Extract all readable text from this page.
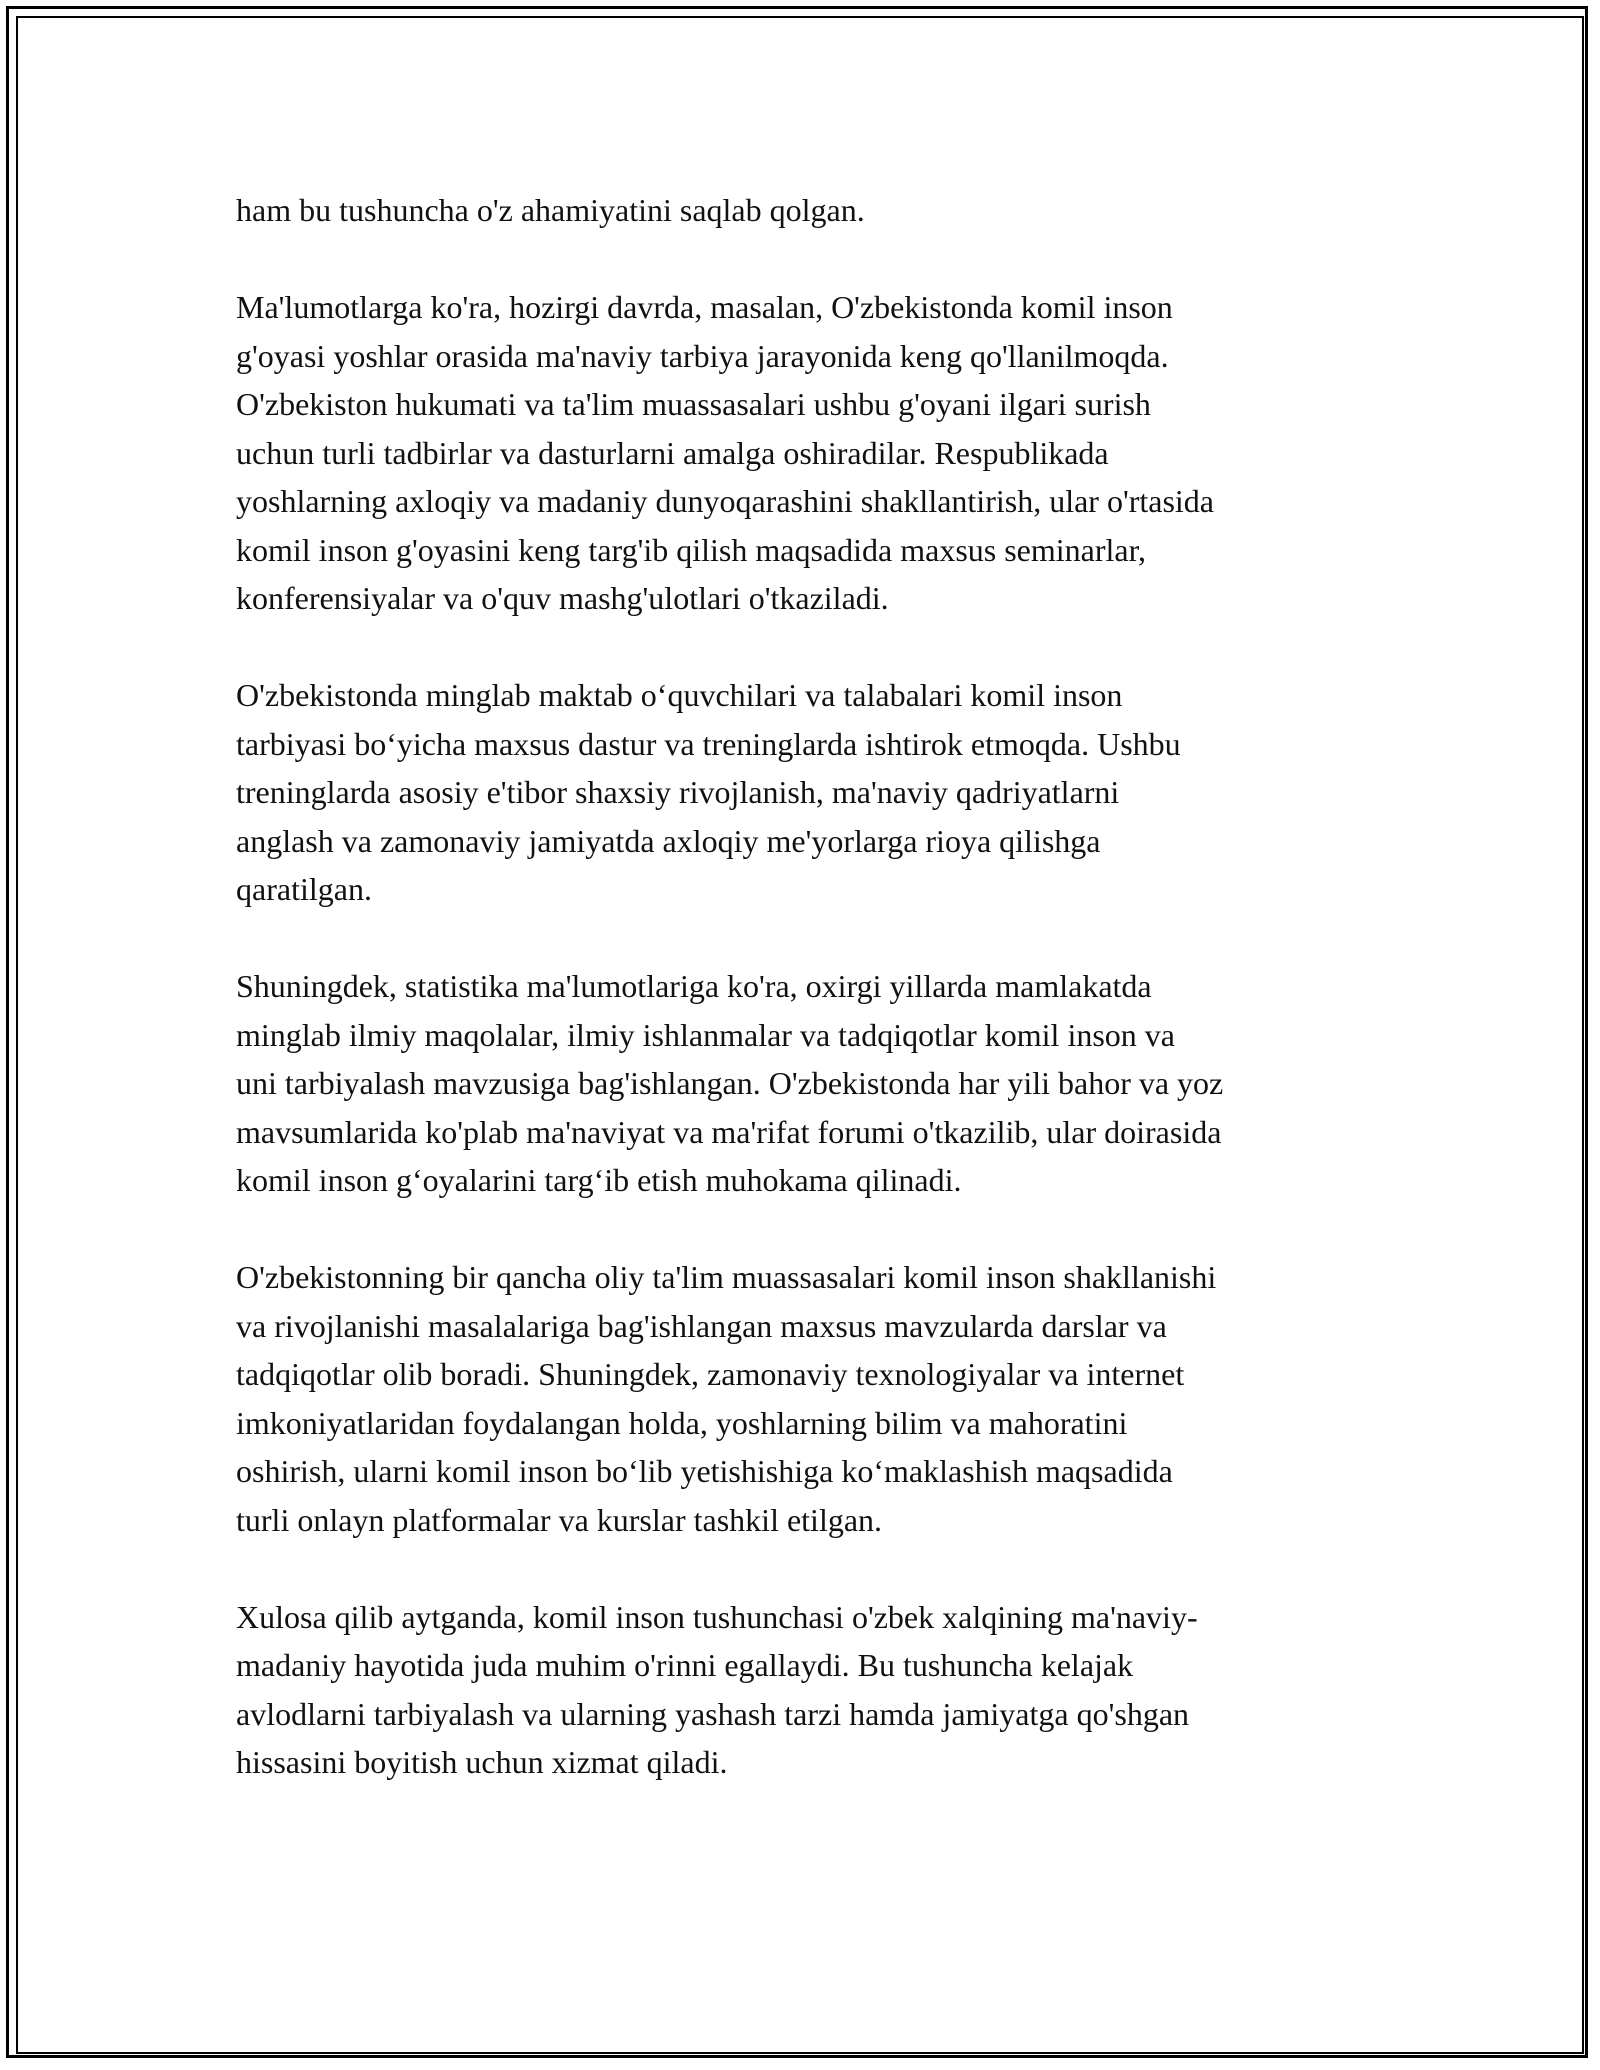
ham bu tushuncha o'z ahamiyatini saqlab qolgan.

Ma'lumotlarga ko'ra, hozirgi davrda, masalan, O'zbekistonda komil inson
g'oyasi yoshlar orasida ma'naviy tarbiya jarayonida keng qo'llanilmoqda.
O'zbekiston hukumati va ta'lim muassasalari ushbu g'oyani ilgari surish
uchun turli tadbirlar va dasturlarni amalga oshiradilar. Respublikada
yoshlarning axloqiy va madaniy dunyoqarashini shakllantirish, ular o'rtasida
komil inson g'oyasini keng targ'ib qilish maqsadida maxsus seminarlar,
konferensiyalar va o'quv mashg'ulotlari o'tkaziladi.

O'zbekistonda minglab maktab o‘quvchilari va talabalari komil inson
tarbiyasi bo‘yicha maxsus dastur va treninglarda ishtirok etmoqda. Ushbu
treninglarda asosiy e'tibor shaxsiy rivojlanish, ma'naviy qadriyatlarni
anglash va zamonaviy jamiyatda axloqiy me'yorlarga rioya qilishga
qaratilgan.

Shuningdek, statistika ma'lumotlariga ko'ra, oxirgi yillarda mamlakatda
minglab ilmiy maqolalar, ilmiy ishlanmalar va tadqiqotlar komil inson va
uni tarbiyalash mavzusiga bag'ishlangan. O'zbekistonda har yili bahor va yoz
mavsumlarida ko'plab ma'naviyat va ma'rifat forumi o'tkazilib, ular doirasida
komil inson g‘oyalarini targ‘ib etish muhokama qilinadi.

O'zbekistonning bir qancha oliy ta'lim muassasalari komil inson shakllanishi
va rivojlanishi masalalariga bag'ishlangan maxsus mavzularda darslar va
tadqiqotlar olib boradi. Shuningdek, zamonaviy texnologiyalar va internet
imkoniyatlaridan foydalangan holda, yoshlarning bilim va mahoratini
oshirish, ularni komil inson bo‘lib yetishishiga ko‘maklashish maqsadida
turli onlayn platformalar va kurslar tashkil etilgan.

Xulosa qilib aytganda, komil inson tushunchasi o'zbek xalqining ma'naviy-
madaniy hayotida juda muhim o'rinni egallaydi. Bu tushuncha kelajak
avlodlarni tarbiyalash va ularning yashash tarzi hamda jamiyatga qo'shgan
hissasini boyitish uchun xizmat qiladi.
